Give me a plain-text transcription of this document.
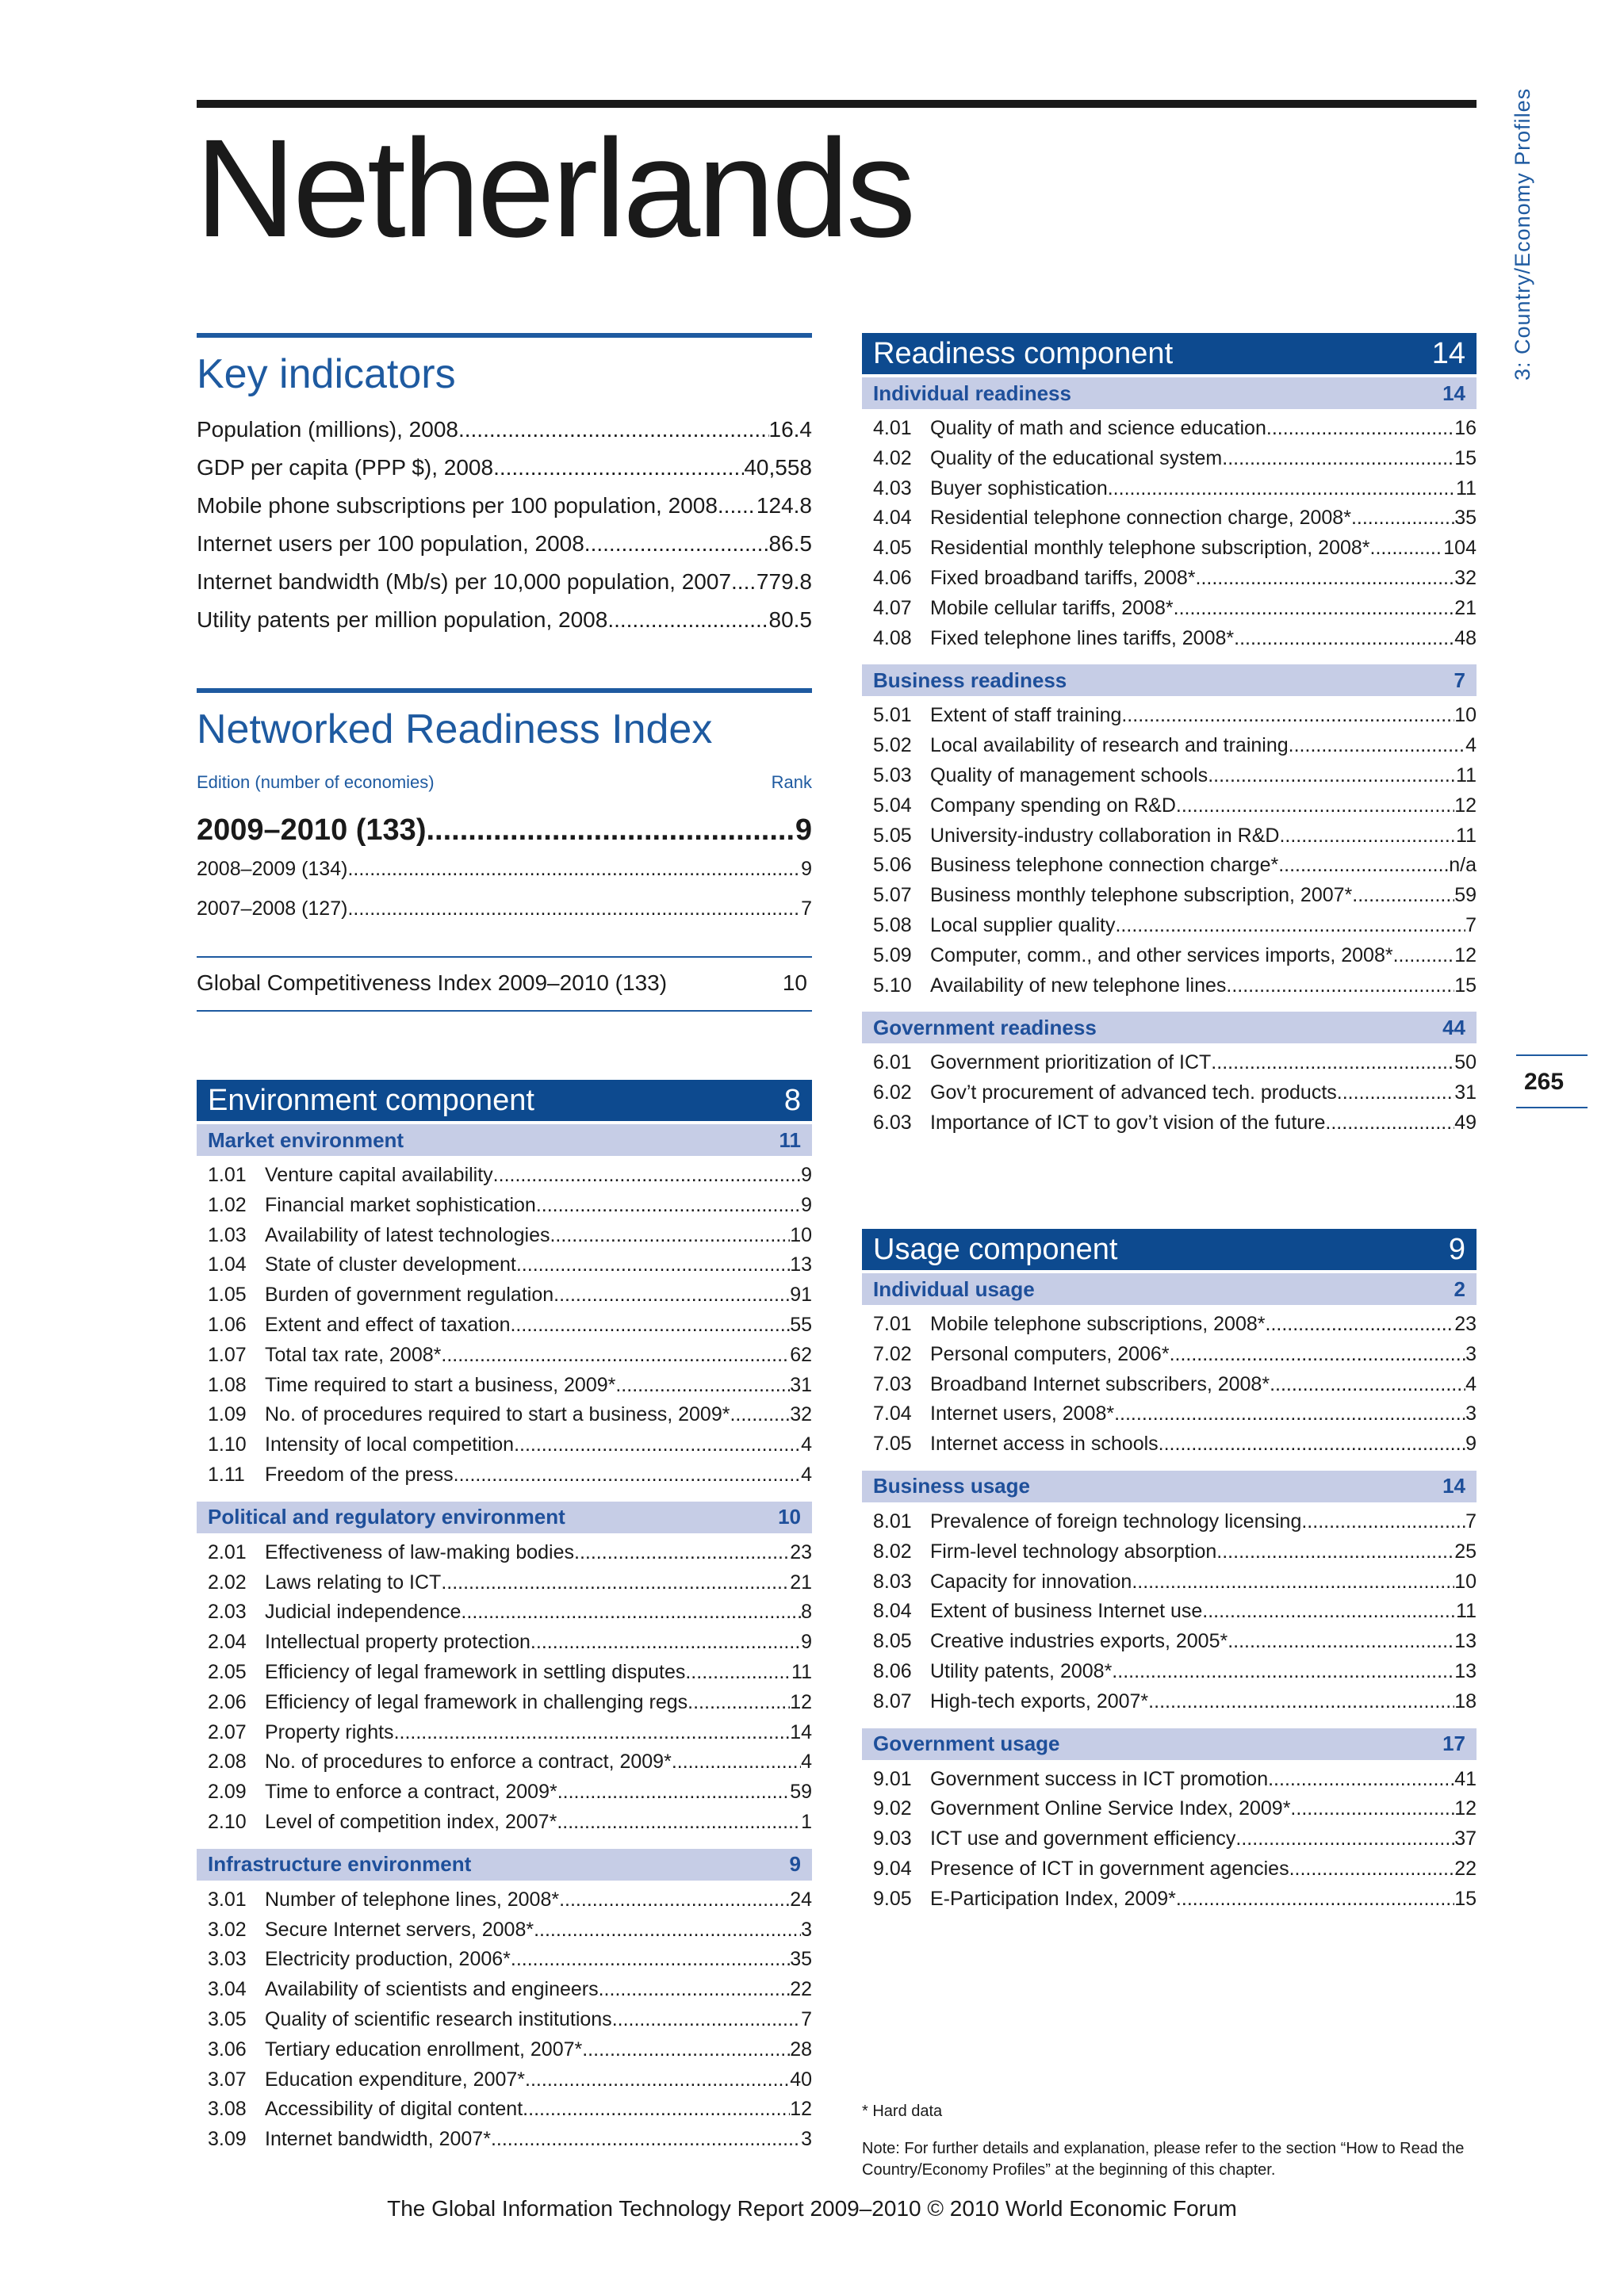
Netherlands	3: Country/Economy Profiles
265
Key indicators
Population (millions), 2008 .....	16.4
GDP per capita (PPP $), 2008 .....	40,558
Mobile phone subscriptions per 100 population, 2008 ..... 124.8
Internet users per 100 population, 2008 .....	86.5
Internet bandwidth (Mb/s) per 10,000 population, 2007 ..... 779.8
Utility patents per million population, 2008 .....	80.5
Networked Readiness Index
Edition (number of economies)	Rank
2009–2010 (133) .....	9
2008–2009 (134) .....	9
2007–2008 (127) .....	7
Global Competitiveness Index 2009–2010 (133)	10
Environment component	8
Market environment	11
1.01 Venture capital availability .....	9
1.02 Financial market sophistication .....	9
1.03 Availability of latest technologies .....	10
1.04 State of cluster development .....	13
1.05 Burden of government regulation .....	91
1.06 Extent and effect of taxation .....	55
1.07 Total tax rate, 2008* .....	62
1.08 Time required to start a business, 2009* .....	31
1.09 No. of procedures required to start a business, 2009* .....	32
1.10 Intensity of local competition .....	4
1.11	Freedom of the press .....	4
Political and regulatory environment	10
2.01 Effectiveness of law-making bodies .....	23
2.02 Laws relating to ICT .....	21
2.03 Judicial independence .....	8
2.04 Intellectual property protection .....	9
2.05 Efficiency of legal framework in settling disputes .....	11
2.06 Efficiency of legal framework in challenging regs .....	12
2.07 Property rights .....	14
2.08 No. of procedures to enforce a contract, 2009* .....	4
2.09 Time to enforce a contract, 2009* .....	59
2.10 Level of competition index, 2007* .....	1
Infrastructure environment	9
3.01 Number of telephone lines, 2008* .....	24
3.02 Secure Internet servers, 2008* .....	3
3.03 Electricity production, 2006* .....	35
3.04 Availability of scientists and engineers .....	22
3.05 Quality of scientific research institutions .....	7
3.06 Tertiary education enrollment, 2007* .....	28
3.07 Education expenditure, 2007* .....	40
3.08 Accessibility of digital content .....	12
3.09 Internet bandwidth, 2007* .....	3
Readiness component	14
Individual readiness	14
4.01 Quality of math and science education .....	16
4.02 Quality of the educational system .....	15
4.03 Buyer sophistication .....	11
4.04 Residential telephone connection charge, 2008* .....	35
4.05 Residential monthly telephone subscription, 2008* .....	104
4.06 Fixed broadband tariffs, 2008* .....	32
4.07 Mobile cellular tariffs, 2008* .....	21
4.08 Fixed telephone lines tariffs, 2008* .....	48
Business readiness	7
5.01 Extent of staff training .....	10
5.02 Local availability of research and training .....	4
5.03 Quality of management schools .....	11
5.04 Company spending on R&D .....	12
5.05 University-industry collaboration in R&D .....	11
5.06 Business telephone connection charge* .....	n/a
5.07 Business monthly telephone subscription, 2007* .....	59
5.08 Local supplier quality .....	7
5.09 Computer, comm., and other services imports, 2008* .....	12
5.10 Availability of new telephone lines .....	15
Government readiness	44
6.01 Government prioritization of ICT .....	50
6.02 Gov’t procurement of advanced tech. products .....	31
6.03 Importance of ICT to gov’t vision of the future .....	49
Usage component	9
Individual usage	2
7.01 Mobile telephone subscriptions, 2008* .....	23
7.02 Personal computers, 2006* .....	3
7.03 Broadband Internet subscribers, 2008* .....	4
7.04 Internet users, 2008* .....	3
7.05 Internet access in schools .....	9
Business usage	14
8.01 Prevalence of foreign technology licensing .....	7
8.02 Firm-level technology absorption .....	25
8.03 Capacity for innovation .....	10
8.04 Extent of business Internet use .....	11
8.05 Creative industries exports, 2005* .....	13
8.06 Utility patents, 2008* .....	13
8.07 High-tech exports, 2007* .....	18
Government usage	17
9.01 Government success in ICT promotion .....	41
9.02 Government Online Service Index, 2009* .....	12
9.03 ICT use and government efficiency .....	37
9.04 Presence of ICT in government agencies .....	22
9.05 E-Participation Index, 2009* .....	15

* Hard data

Note: For further details and explanation, please refer to the section “How to Read the Country/Economy Profiles” at the beginning of this chapter.

The Global Information Technology Report 2009–2010 © 2010 World Economic Forum
